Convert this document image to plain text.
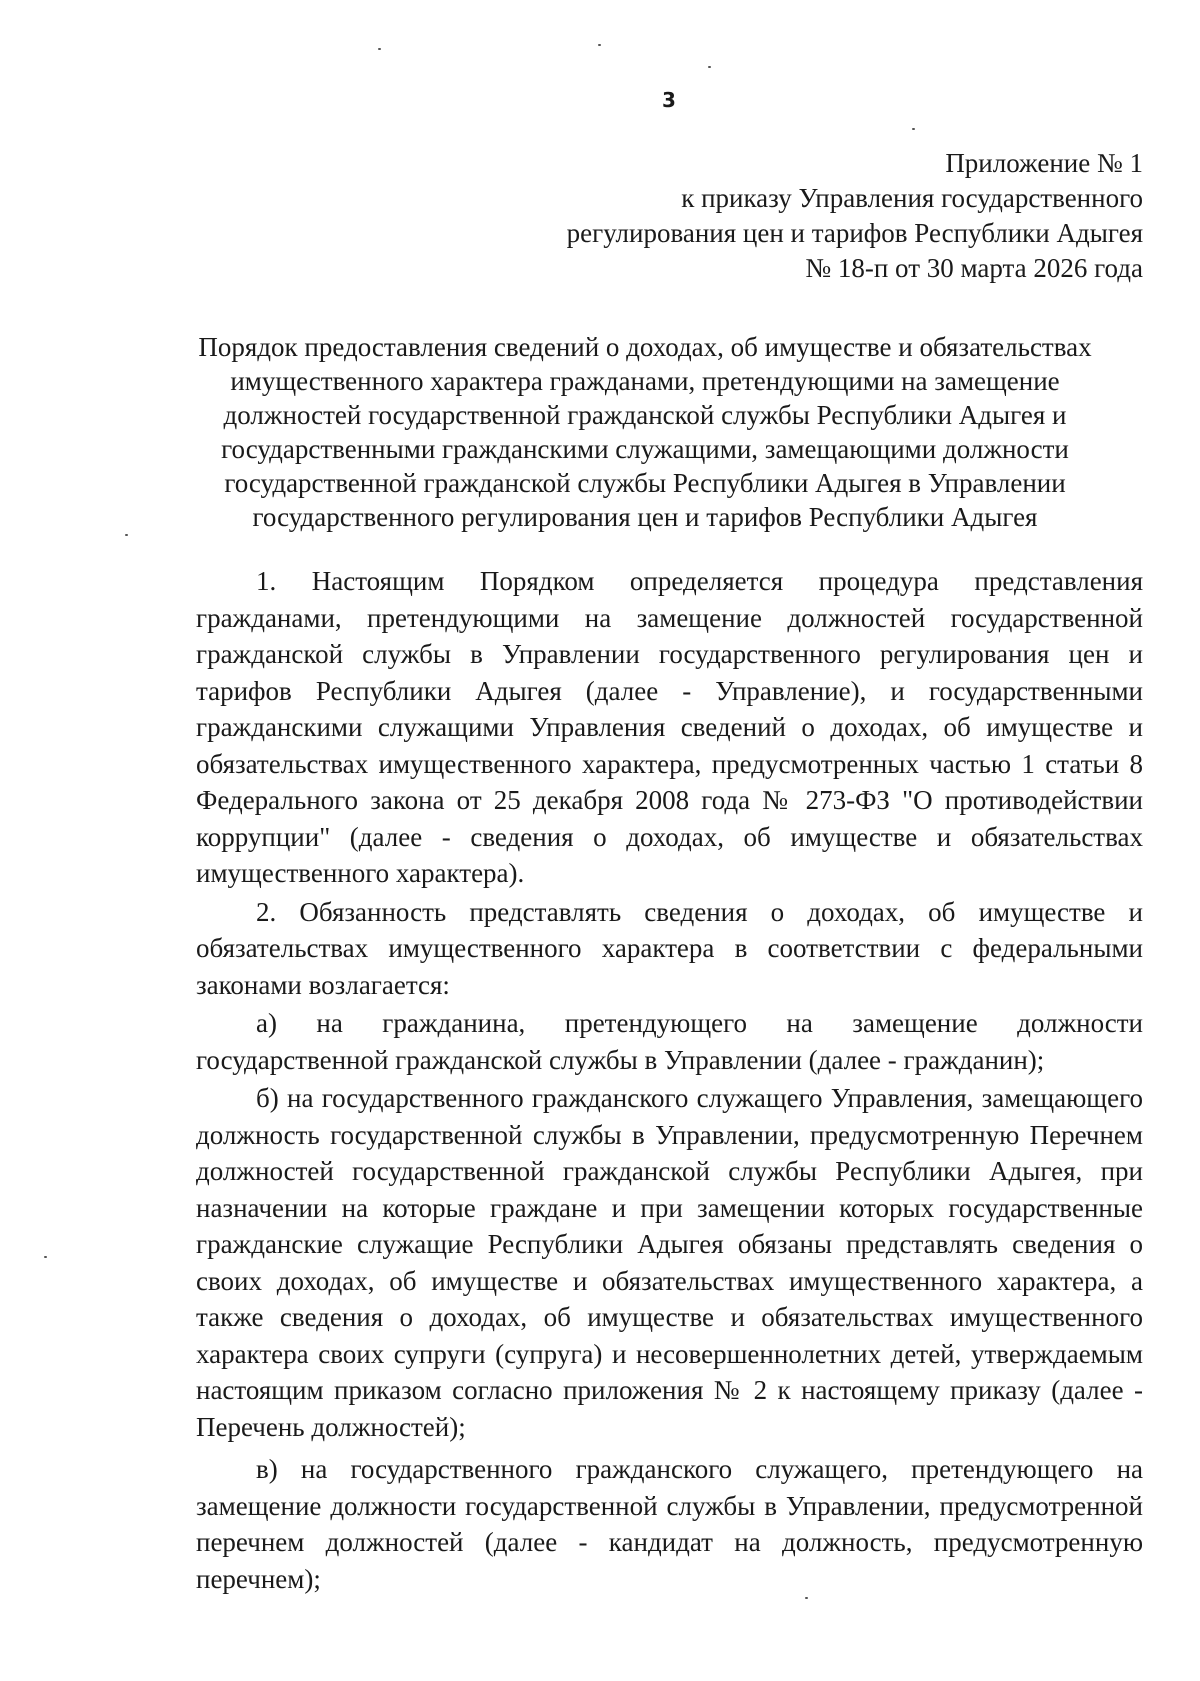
3
Приложение № 1
к приказу Управления государственного
регулирования цен и тарифов Республики Адыгея
№ 18-п от 30 марта 2026 года
Порядок предоставления сведений о доходах, об имуществе и обязательствах
имущественного характера гражданами, претендующими на замещение
должностей государственной гражданской службы Республики Адыгея и
государственными гражданскими служащими, замещающими должности
государственной гражданской службы Республики Адыгея в Управлении
государственного регулирования цен и тарифов Республики Адыгея

1. Настоящим Порядком определяется процедура представления гражданами, претендующими на замещение должностей государственной гражданской службы в Управлении государственного регулирования цен и тарифов Республики Адыгея (далее - Управление), и государственными гражданскими служащими Управления сведений о доходах, об имуществе и обязательствах имущественного характера, предусмотренных частью 1 статьи 8 Федерального закона от 25 декабря 2008 года № 273-ФЗ "О противодействии коррупции" (далее - сведения о доходах, об имуществе и обязательствах имущественного характера).

2. Обязанность представлять сведения о доходах, об имуществе и обязательствах имущественного характера в соответствии с федеральными законами возлагается:

а) на гражданина, претендующего на замещение должности государственной гражданской службы в Управлении (далее - гражданин);

б) на государственного гражданского служащего Управления, замещающего должность государственной службы в Управлении, предусмотренную Перечнем должностей государственной гражданской службы Республики Адыгея, при назначении на которые граждане и при замещении которых государственные гражданские служащие Республики Адыгея обязаны представлять сведения о своих доходах, об имуществе и обязательствах имущественного характера, а также сведения о доходах, об имуществе и обязательствах имущественного характера своих супруги (супруга) и несовершеннолетних детей, утверждаемым настоящим приказом согласно приложения № 2 к настоящему приказу (далее - Перечень должностей);

в) на государственного гражданского служащего, претендующего на замещение должности государственной службы в Управлении, предусмотренной перечнем должностей (далее - кандидат на должность, предусмотренную перечнем);
